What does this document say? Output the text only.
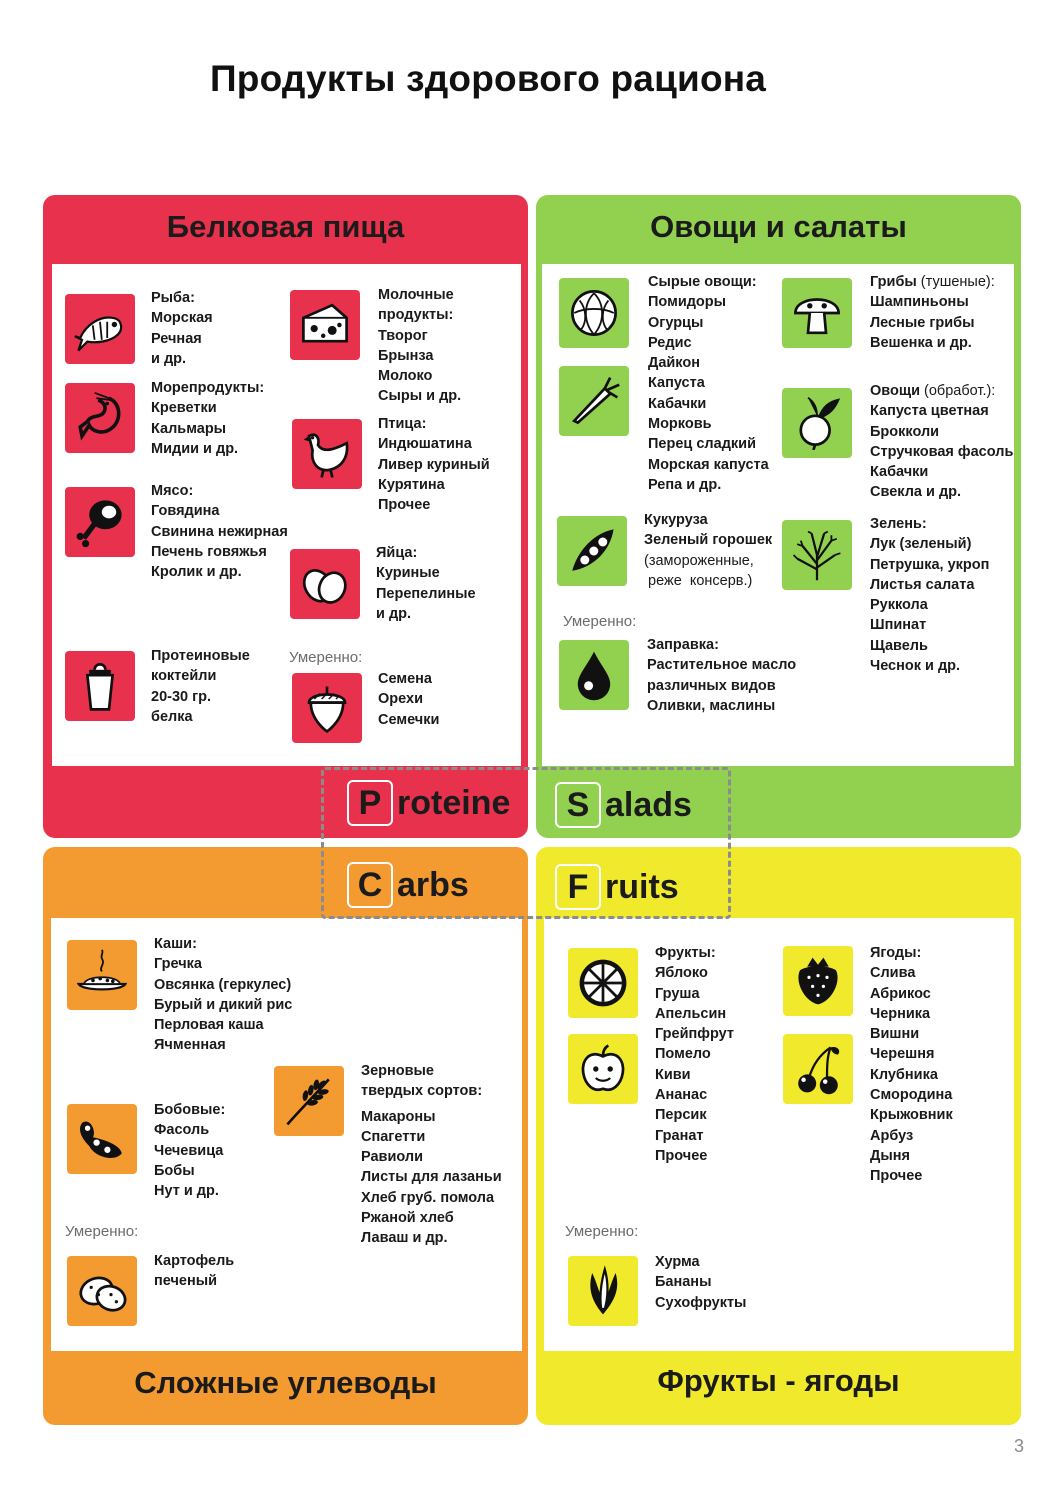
Продукты здорового рациона
Белковая пища
Рыба:
Морская
Речная
и др.
Морепродукты:
Креветки
Кальмары
Мидии и др.
Мясо:
Говядина
Свинина нежирная
Печень говяжья
Кролик и др.
Протеиновые
коктейли
20-30 гр.
белка
Молочные
продукты:
Творог
Брынза
Молоко
Сыры и др.
Птица:
Индюшатина
Ливер куриный
Курятина
Прочее
Яйца:
Куриные
Перепелиные
и др.
Умеренно:
Семена
Орехи
Семечки
Овощи и салаты
Сырые овощи:
Помидоры
Огурцы
Редис
Дайкон
Капуста
Кабачки
Морковь
Перец сладкий
Морская капуста
Репа и др.
Грибы (тушеные):
Шампиньоны
Лесные грибы
Вешенка и др.
Овощи (обработ.):
Капуста цветная
Брокколи
Стручковая фасоль
Кабачки
Свекла и др.
Кукуруза
Зеленый горошек
(замороженные,
реже  консерв.)
Зелень:
Лук (зеленый)
Петрушка, укроп
Листья салата
Руккола
Шпинат
Щавель
Чеснок и др.
Умеренно:
Заправка:
Растительное масло
различных видов
Оливки, маслины
Каши:
Гречка
Овсянка (геркулес)
Бурый и дикий рис
Перловая каша
Ячменная
Бобовые:
Фасоль
Чечевица
Бобы
Нут и др.
Зерновые
твердых сортов:
Макароны
Спагетти
Равиоли
Листы для лазаньи
Хлеб груб. помола
Ржаной хлеб
Лаваш и др.
Умеренно:
Картофель
печеный
Сложные углеводы
Фрукты:
Яблоко
Груша
Апельсин
Грейпфрут
Помело
Киви
Ананас
Персик
Гранат
Прочее
Ягоды:
Слива
Абрикос
Черника
Вишни
Черешня
Клубника
Смородина
Крыжовник
Арбуз
Дыня
Прочее
Умеренно:
Хурма
Бананы
Сухофрукты
Фрукты - ягоды
P roteine	S alads
C arbs	F ruits
3
